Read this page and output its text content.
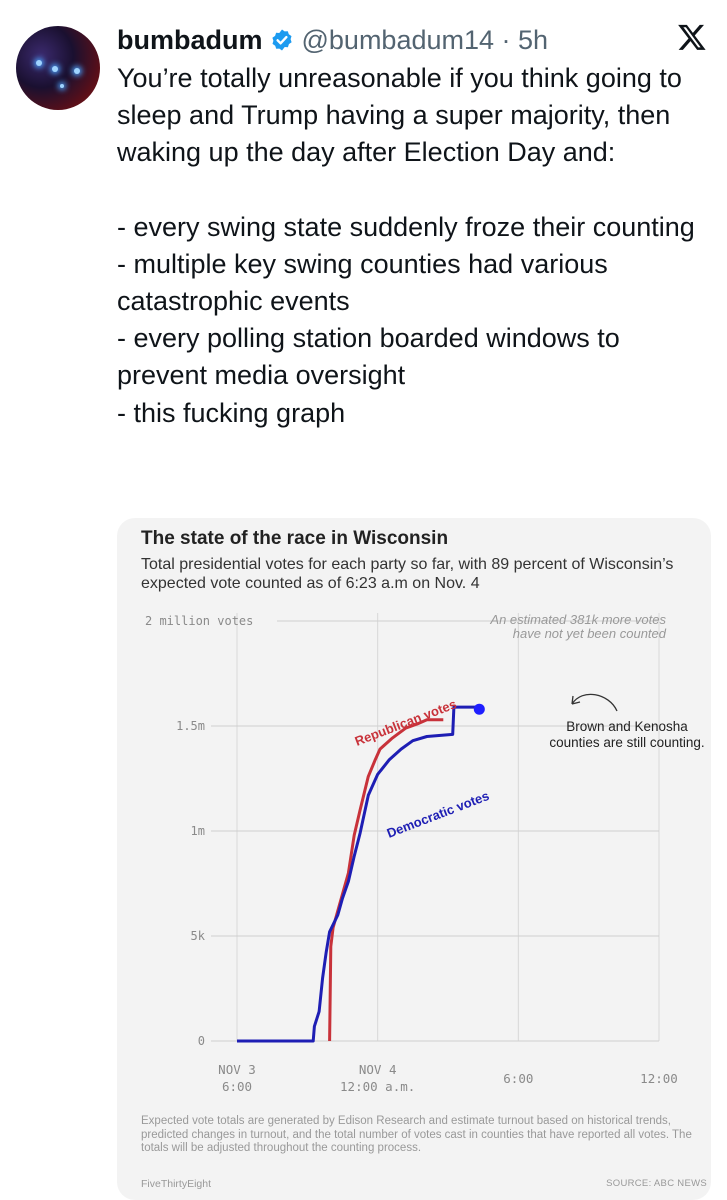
bumbadum @bumbadum14 · 5h

You’re totally unreasonable if you think going to sleep and Trump having a super majority, then waking up the day after Election Day and:

- every swing state suddenly froze their counting

- multiple key swing counties had various catastrophic events

- every polling station boarded windows to prevent media oversight

- this fucking graph

The state of the race in Wisconsin
Total presidential votes for each party so far, with 89 percent of Wisconsin’s expected vote counted as of 6:23 a.m on Nov. 4
0
5k
1m
1.5m
2 million votes
NOV 3
6:00
NOV 4
12:00 a.m.
6:00	12:00
Republican votes
Democratic votes
An estimated 381k more votes
have not yet been counted
Brown and Kenosha
counties are still counting.
Expected vote totals are generated by Edison Research and estimate turnout based on historical trends, predicted changes in turnout, and the total number of votes cast in counties that have reported all votes. The totals will be adjusted throughout the counting process.
FiveThirtyEight	SOURCE: ABC NEWS
